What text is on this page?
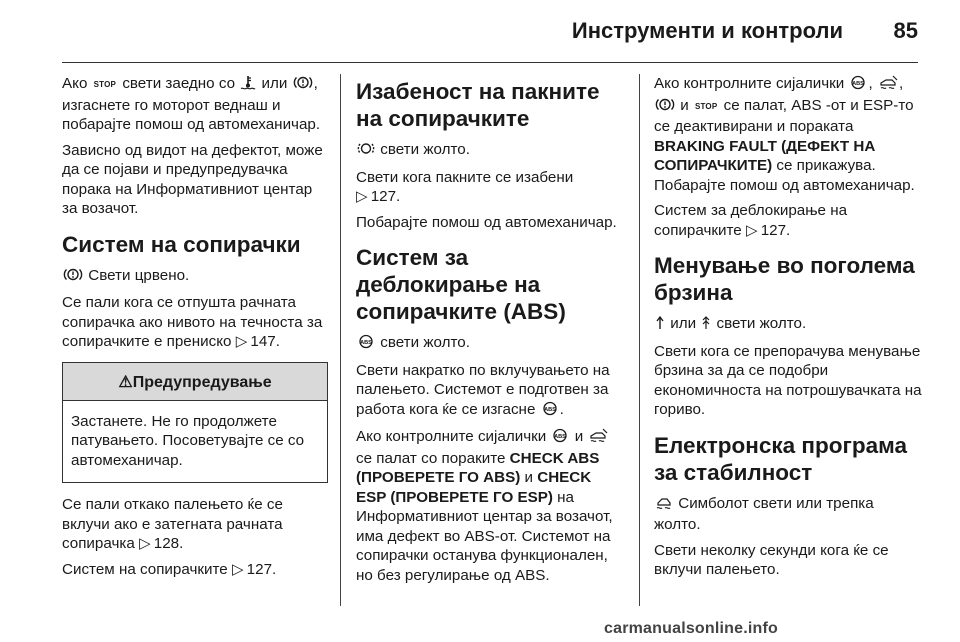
Инструменти и контроли 85

Ако STOP свети заедно со или , изгаснете го моторот веднаш и побарајте помош од автомеханичар.

Зависно од видот на дефектот, може да се појави и предупредувачка порака на Информативниот центар за возачот.

Систем на сопирачки

Свети црвено.

Се пали кога се отпушта рачната сопирачка ако нивото на течноста за сопирачките е прениско ▷ 147.

⚠Предупредување
Застанете. Не го продолжете патувањето. Посоветувајте се со автомеханичар.

Се пали откако палењето ќе се вклучи ако е затегната рачната сопирачка ▷ 128.

Систем на сопирачките ▷ 127.

Изабеност на пакните на сопирачките

свети жолто.

Свети кога пакните се изабени
▷ 127.

Побарајте помош од автомеханичар.

Систем за деблокирање на сопирачките (ABS)

ABS свети жолто.

Свети накратко по вклучувањето на палењето. Системот е подготвен за работа кога ќе се изгасне ABS .

Ако контролните сијалички ABS и  се палат со пораките CHECK ABS (ПРОВЕРЕТЕ ГО ABS) и CHECK ESP (ПРОВЕРЕТЕ ГО ESP) на Информативниот центар за возачот, има дефект во ABS-от. Системот на сопирачки останува функционален, но без регулирање од ABS.

Ако контролните сијалички ABS , ,
и STOP се палат, ABS -от и ESP-то се деактивирани и пораката BRAKING FAULT (ДЕФЕКТ НА СОПИРАЧКИТЕ) се прикажува. Побарајте помош од автомеханичар.

Систем за деблокирање на сопирачките ▷ 127.

Менување во поголема брзина

или свети жолто.

Свети кога се препорачува менување брзина за да се подобри економичноста на потрошувачката на гориво.

Електронска програма за стабилност

Симболот свети или трепка жолто.

Свети неколку секунди кога ќе се вклучи палењето.

carmanualsonline.info
